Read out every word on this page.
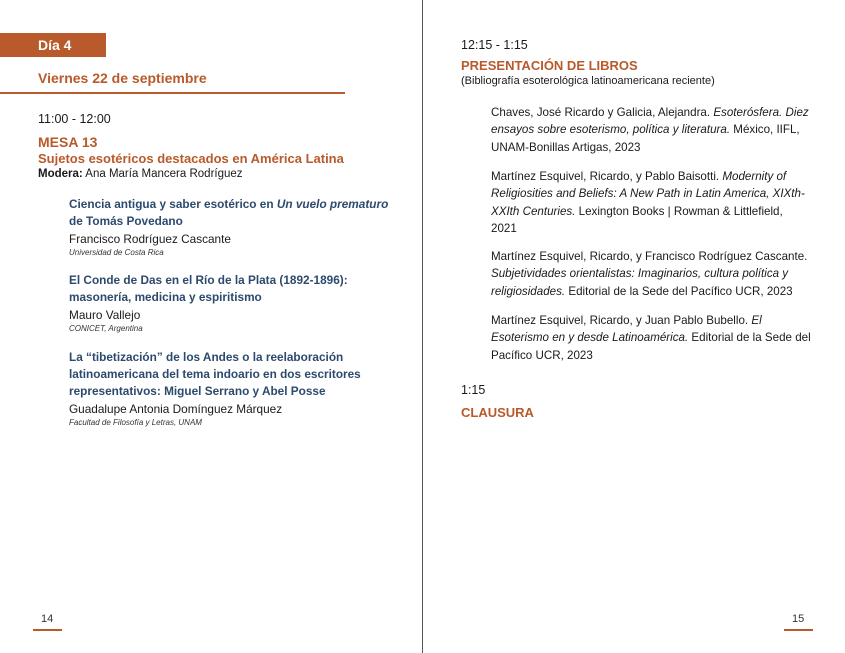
Día 4
Viernes 22 de septiembre
11:00 - 12:00
MESA 13
Sujetos esotéricos destacados en América Latina
Modera: Ana María Mancera Rodríguez
Ciencia antigua y saber esotérico en Un vuelo prematuro de Tomás Povedano
Francisco Rodríguez Cascante
Universidad de Costa Rica
El Conde de Das en el Río de la Plata (1892-1896): masonería, medicina y espiritismo
Mauro Vallejo
CONICET, Argentina
La “tibetización” de los Andes o la reelaboración latinoamericana del tema indoario en dos escritores representativos: Miguel Serrano y Abel Posse
Guadalupe Antonia Domínguez Márquez
Facultad de Filosofía y Letras, UNAM
14
12:15 - 1:15
PRESENTACIÓN DE LIBROS
(Bibliografía esoterológica latinoamericana reciente)
Chaves, José Ricardo y Galicia, Alejandra. Esoterósfera. Diez ensayos sobre esoterismo, política y literatura. México, IIFL, UNAM-Bonillas Artigas, 2023
Martínez Esquivel, Ricardo, y Pablo Baisotti. Modernity of Religiosities and Beliefs: A New Path in Latin America, XIXth-XXIth Centuries. Lexington Books | Rowman & Littlefield, 2021
Martínez Esquivel, Ricardo, y Francisco Rodríguez Cascante. Subjetividades orientalistas: Imaginarios, cultura política y religiosidades. Editorial de la Sede del Pacífico UCR, 2023
Martínez Esquivel, Ricardo, y Juan Pablo Bubello. El Esoterismo en y desde Latinoamérica. Editorial de la Sede del Pacífico UCR, 2023
1:15
CLAUSURA
15
